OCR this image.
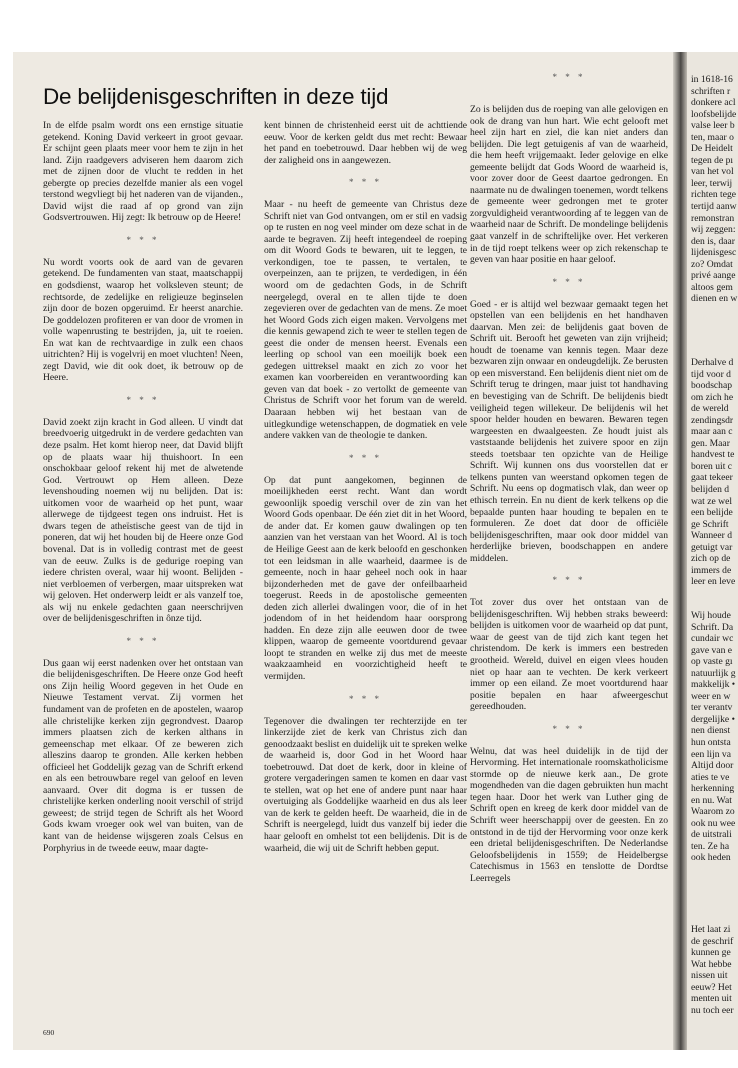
De belijdenisgeschriften in deze tijd

In de elfde psalm wordt ons een ernstige situatie getekend. Koning David verkeert in groot gevaar. Er schijnt geen plaats meer voor hem te zijn in het land. Zijn raadgevers adviseren hem daarom zich met de zijnen door de vlucht te redden in het gebergte op precies dezelfde manier als een vogel terstond wegvliegt bij het naderen van de vijanden., David wijst die raad af op grond van zijn Godsvertrouwen. Hij zegt: Ik betrouw op de Heere!

* * *

Nu wordt voorts ook de aard van de gevaren getekend. De fundamenten van staat, maatschappij en godsdienst, waarop het volksleven steunt; de rechtsorde, de zedelijke en religieuze beginselen zijn door de bozen opgeruimd. Er heerst anarchie. De goddelozen profiteren er van door de vromen in volle wapenrusting te bestrijden, ja, uit te roeien. En wat kan de rechtvaardige in zulk een chaos uitrichten? Hij is vogelvrij en moet vluchten! Neen, zegt David, wie dit ook doet, ik betrouw op de Heere.

* * *

David zoekt zijn kracht in God alleen. U vindt dat breedvoerig uitgedrukt in de verdere gedachten van deze psalm. Het komt hierop neer, dat David blijft op de plaats waar hij thuishoort. In een onschokbaar geloof rekent hij met de alwetende God. Vertrouwt op Hem alleen. Deze levenshouding noemen wij nu belijden. Dat is: uitkomen voor de waarheid op het punt, waar allerwege de tijdgeest tegen ons indruist. Het is dwars tegen de atheïstische geest van de tijd in poneren, dat wij het houden bij de Heere onze God bovenal. Dat is in volledig contrast met de geest van de eeuw. Zulks is de gedurige roeping van iedere christen overal, waar hij woont. Belijden - niet verbloemen of verbergen, maar uitspreken wat wij geloven. Het onderwerp leidt er als vanzelf toe, als wij nu enkele gedachten gaan neerschrijven over de belijdenisgeschriften in ônze tijd.

* * *

Dus gaan wij eerst nadenken over het ontstaan van die belijdenisgeschriften. De Heere onze God heeft ons Zijn heilig Woord gegeven in het Oude en Nieuwe Testament vervat. Zij vormen het fundament van de profeten en de apostelen, waarop alle christelijke kerken zijn gegrondvest. Daarop immers plaatsen zich de kerken althans in gemeenschap met elkaar. Of ze beweren zich alleszins daarop te gronden. Alle kerken hebben officieel het Goddelijk gezag van de Schrift erkend en als een betrouwbare regel van geloof en leven aanvaard. Over dit dogma is er tussen de christelijke kerken onderling nooit verschil of strijd geweest; de strijd tegen de Schrift als het Woord Gods kwam vroeger ook wel van buiten, van de kant van de heidense wijsgeren zoals Celsus en Porphyrius in de tweede eeuw, maar dagte-

kent binnen de christenheid eerst uit de achttiende eeuw. Voor de kerken geldt dus met recht: Bewaar het pand en toebetrouwd. Daar hebben wij de weg der zaligheid ons in aangewezen.

* * *

Maar - nu heeft de gemeente van Christus deze Schrift niet van God ontvangen, om er stil en vadsig op te rusten en nog veel minder om deze schat in de aarde te begraven. Zij heeft integendeel de roeping om dit Woord Gods te bewaren, uit te leggen, te verkondigen, toe te passen, te vertalen, te overpeinzen, aan te prijzen, te verdedigen, in één woord om de gedachten Gods, in de Schrift neergelegd, overal en te allen tijde te doen zegevieren over de gedachten van de mens. Ze moet het Woord Gods zich eigen maken. Vervolgens met die kennis gewapend zich te weer te stellen tegen de geest die onder de mensen heerst. Evenals een leerling op school van een moeilijk boek een gedegen uittreksel maakt en zich zo voor het examen kan voorbereiden en verantwoording kan geven van dat boek - zo vertolkt de gemeente van Christus de Schrift voor het forum van de wereld. Daaraan hebben wij het bestaan van de uitlegkundige wetenschappen, de dogmatiek en vele andere vakken van de theologie te danken.

* * *

Op dat punt aangekomen, beginnen de moeilijkheden eerst recht. Want dan wordt gewoonlijk spoedig verschil over de zin van het Woord Gods openbaar. De één ziet dit in het Woord, de ander dat. Er komen gauw dwalingen op ten aanzien van het verstaan van het Woord. Al is toch de Heilige Geest aan de kerk beloofd en geschonken tot een leidsman in alle waarheid, daarmee is de gemeente, noch in haar geheel noch ook in haar bijzonderheden met de gave der onfeilbaarheid toegerust. Reeds in de apostolische gemeenten deden zich allerlei dwalingen voor, die of in het jodendom of in het heidendom haar oorsprong hadden. En deze zijn alle eeuwen door de twee klippen, waarop de gemeente voortdurend gevaar loopt te stranden en welke zij dus met de meeste waakzaamheid en voorzichtigheid heeft te vermijden.

* * *

Tegenover die dwalingen ter rechterzijde en ter linkerzijde ziet de kerk van Christus zich dan genoodzaakt beslist en duidelijk uit te spreken welke de waarheid is, door God in het Woord haar toebetrouwd. Dat doet de kerk, door in kleine of grotere vergaderingen samen te komen en daar vast te stellen, wat op het ene of andere punt naar haar overtuiging als Goddelijke waarheid en dus als leer van de kerk te gelden heeft. De waarheid, die in de Schrift is neergelegd, luidt dus vanzelf bij ieder die haar gelooft en omhelst tot een belijdenis. Dit is de waarheid, die wij uit de Schrift hebben geput.

* * *

Zo is belijden dus de roeping van alle gelovigen en ook de drang van hun hart. Wie echt gelooft met heel zijn hart en ziel, die kan niet anders dan belijden. Die legt getuigenis af van de waarheid, die hem heeft vrijgemaakt. Ieder gelovige en elke gemeente belijdt dat Gods Woord de waarheid is, voor zover door de Geest daartoe gedrongen. En naarmate nu de dwalingen toenemen, wordt telkens de gemeente weer gedrongen met te groter zorgvuldigheid verantwoording af te leggen van de waarheid naar de Schrift. De mondelinge belijdenis gaat vanzelf in de schriftelijke over. Het verkeren in de tijd roept telkens weer op zich rekenschap te geven van haar positie en haar geloof.

* * *

Goed - er is altijd wel bezwaar gemaakt tegen het opstellen van een belijdenis en het handhaven daarvan. Men zei: de belijdenis gaat boven de Schrift uit. Berooft het geweten van zijn vrijheid; houdt de toename van kennis tegen. Maar deze bezwaren zijn onwaar en ondeugdelijk. Ze berusten op een misverstand. Een belijdenis dient niet om de Schrift terug te dringen, maar juist tot handhaving en bevestiging van de Schrift. De belijdenis biedt veiligheid tegen willekeur. De belijdenis wil het spoor helder houden en bewaren. Bewaren tegen wargeesten en dwaalgeesten. Ze houdt juist als vaststaande belijdenis het zuivere spoor en zijn steeds toetsbaar ten opzichte van de Heilige Schrift. Wij kunnen ons dus voorstellen dat er telkens punten van weerstand opkomen tegen de Schrift. Nu eens op dogmatisch vlak, dan weer op ethisch terrein. En nu dient de kerk telkens op die bepaalde punten haar houding te bepalen en te formuleren. Ze doet dat door de officiële belijdenisgeschriften, maar ook door middel van herderlijke brieven, boodschappen en andere middelen.

* * *

Tot zover dus over het ontstaan van de belijdenisgeschriften. Wij hebben straks beweerd: belijden is uitkomen voor de waarheid op dat punt, waar de geest van de tijd zich kant tegen het christendom. De kerk is immers een bestreden grootheid. Wereld, duivel en eigen vlees houden niet op haar aan te vechten. De kerk verkeert immer op een eiland. Ze moet voortdurend haar positie bepalen en haar afweergeschut gereedhouden.

* * *

Welnu, dat was heel duidelijk in de tijd der Hervorming. Het internationale roomskatholicisme stormde op de nieuwe kerk aan., De grote mogendheden van die dagen gebruikten hun macht tegen haar. Door het werk van Luther ging de Schrift open en kreeg de kerk door middel van de Schrift weer heerschappij over de geesten. En zo ontstond in de tijd der Hervorming voor onze kerk een drietal belijdenisgeschriften. De Nederlandse Geloofsbelijdenis in 1559; de Heidelbergse Catechismus in 1563 en tenslotte de Dordtse Leerregels

690
in 1618-16
schriften r
donkere acl
loofsbelijde
valse leer b
ten, maar o
De Heidelt
tegen de pı
van het vol
leer, terwij
richten tege
tertijd aanw
remonstran
wij zeggen:
den is, daar
lijdenisgesc
zo? Omdat
privé aange
altoos gem
dienen en w
Derhalve d
tijd voor d
boodschap
om zich he
de wereld
zendingsdr
maar aan c
gen. Maar
handvest te
boren uit c
gaat tekeer
belijden d
wat ze wel
een belijde
ge Schrift
Wanneer d
getuigt var
zich op de
immers de
leer en leve
Wij houde
Schrift. Da
cundair wc
gave van e
op vaste gı
natuurlijk g
makkelijk •
weer en w
ter verantv
dergelijke •
nen dienst
hun ontsta
een lijn va
Altijd door
aties te ve
herkenning
en nu. Wat
Waarom zo
ook nu wee
de uitstrali
ten. Ze ha
ook heden
Het laat zi
de geschrif
kunnen ge
Wat hebbe
nissen uit
eeuw? Het
menten uit
nu toch eer
